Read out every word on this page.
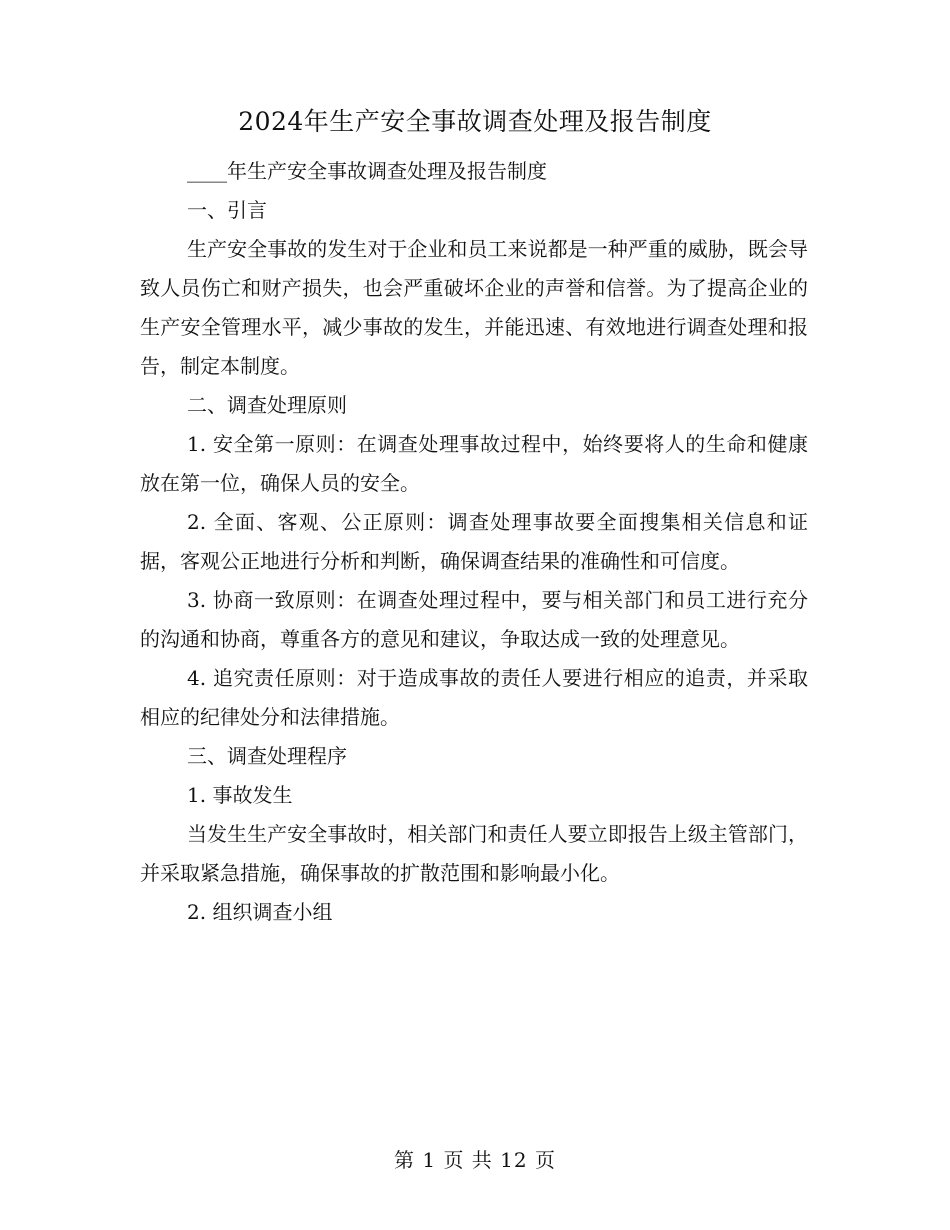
2024年生产安全事故调查处理及报告制度

____年生产安全事故调查处理及报告制度

一、引言

生产安全事故的发生对于企业和员工来说都是一种严重的威胁，既会导致人员伤亡和财产损失，也会严重破坏企业的声誉和信誉。为了提高企业的生产安全管理水平，减少事故的发生，并能迅速、有效地进行调查处理和报告，制定本制度。

二、调查处理原则

1. 安全第一原则：在调查处理事故过程中，始终要将人的生命和健康放在第一位，确保人员的安全。

2. 全面、客观、公正原则：调查处理事故要全面搜集相关信息和证据，客观公正地进行分析和判断，确保调查结果的准确性和可信度。

3. 协商一致原则：在调查处理过程中，要与相关部门和员工进行充分的沟通和协商，尊重各方的意见和建议，争取达成一致的处理意见。

4. 追究责任原则：对于造成事故的责任人要进行相应的追责，并采取相应的纪律处分和法律措施。

三、调查处理程序

1. 事故发生

当发生生产安全事故时，相关部门和责任人要立即报告上级主管部门，并采取紧急措施，确保事故的扩散范围和影响最小化。

2. 组织调查小组

第 1 页 共 12 页
